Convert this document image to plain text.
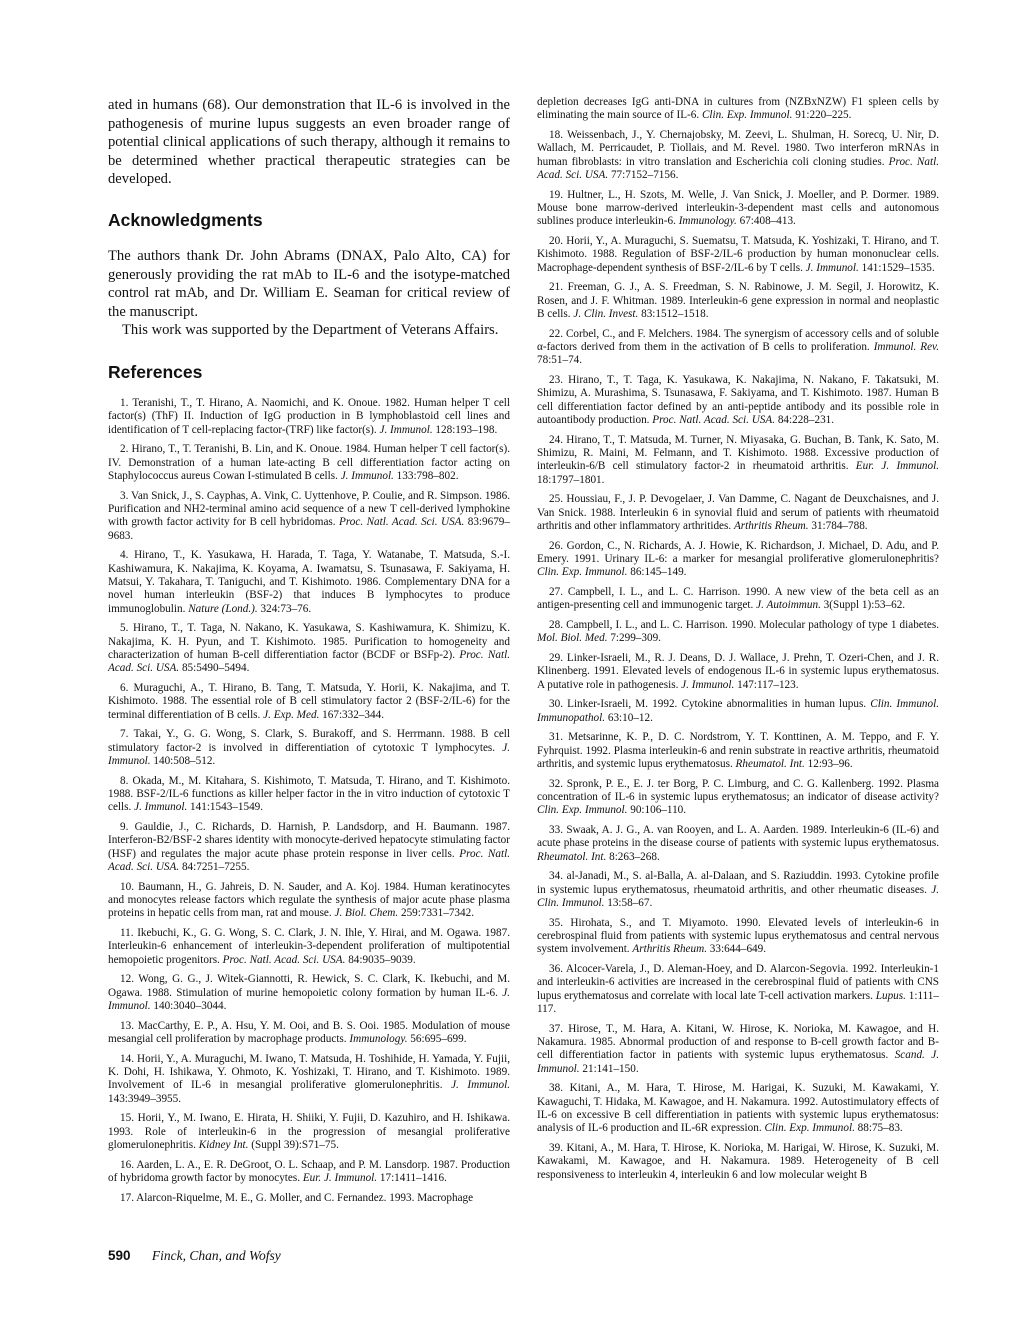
ated in humans (68). Our demonstration that IL-6 is involved in the pathogenesis of murine lupus suggests an even broader range of potential clinical applications of such therapy, although it remains to be determined whether practical therapeutic strategies can be developed.

Acknowledgments

The authors thank Dr. John Abrams (DNAX, Palo Alto, CA) for generously providing the rat mAb to IL-6 and the isotype-matched control rat mAb, and Dr. William E. Seaman for critical review of the manuscript.

This work was supported by the Department of Veterans Affairs.

References

1. Teranishi, T., T. Hirano, A. Naomichi, and K. Onoue. 1982. Human helper T cell factor(s) (ThF) II. Induction of IgG production in B lymphoblastoid cell lines and identification of T cell-replacing factor-(TRF) like factor(s). J. Immunol. 128:193–198.

2. Hirano, T., T. Teranishi, B. Lin, and K. Onoue. 1984. Human helper T cell factor(s). IV. Demonstration of a human late-acting B cell differentiation factor acting on Staphylococcus aureus Cowan I-stimulated B cells. J. Immunol. 133:798–802.

3. Van Snick, J., S. Cayphas, A. Vink, C. Uyttenhove, P. Coulie, and R. Simpson. 1986. Purification and NH2-terminal amino acid sequence of a new T cell-derived lymphokine with growth factor activity for B cell hybridomas. Proc. Natl. Acad. Sci. USA. 83:9679–9683.

4. Hirano, T., K. Yasukawa, H. Harada, T. Taga, Y. Watanabe, T. Matsuda, S.-I. Kashiwamura, K. Nakajima, K. Koyama, A. Iwamatsu, S. Tsunasawa, F. Sakiyama, H. Matsui, Y. Takahara, T. Taniguchi, and T. Kishimoto. 1986. Complementary DNA for a novel human interleukin (BSF-2) that induces B lymphocytes to produce immunoglobulin. Nature (Lond.). 324:73–76.

5. Hirano, T., T. Taga, N. Nakano, K. Yasukawa, S. Kashiwamura, K. Shimizu, K. Nakajima, K. H. Pyun, and T. Kishimoto. 1985. Purification to homogeneity and characterization of human B-cell differentiation factor (BCDF or BSFp-2). Proc. Natl. Acad. Sci. USA. 85:5490–5494.

6. Muraguchi, A., T. Hirano, B. Tang, T. Matsuda, Y. Horii, K. Nakajima, and T. Kishimoto. 1988. The essential role of B cell stimulatory factor 2 (BSF-2/IL-6) for the terminal differentiation of B cells. J. Exp. Med. 167:332–344.

7. Takai, Y., G. G. Wong, S. Clark, S. Burakoff, and S. Herrmann. 1988. B cell stimulatory factor-2 is involved in differentiation of cytotoxic T lymphocytes. J. Immunol. 140:508–512.

8. Okada, M., M. Kitahara, S. Kishimoto, T. Matsuda, T. Hirano, and T. Kishimoto. 1988. BSF-2/IL-6 functions as killer helper factor in the in vitro induction of cytotoxic T cells. J. Immunol. 141:1543–1549.

9. Gauldie, J., C. Richards, D. Harnish, P. Landsdorp, and H. Baumann. 1987. Interferon-B2/BSF-2 shares identity with monocyte-derived hepatocyte stimulating factor (HSF) and regulates the major acute phase protein response in liver cells. Proc. Natl. Acad. Sci. USA. 84:7251–7255.

10. Baumann, H., G. Jahreis, D. N. Sauder, and A. Koj. 1984. Human keratinocytes and monocytes release factors which regulate the synthesis of major acute phase plasma proteins in hepatic cells from man, rat and mouse. J. Biol. Chem. 259:7331–7342.

11. Ikebuchi, K., G. G. Wong, S. C. Clark, J. N. Ihle, Y. Hirai, and M. Ogawa. 1987. Interleukin-6 enhancement of interleukin-3-dependent proliferation of multipotential hemopoietic progenitors. Proc. Natl. Acad. Sci. USA. 84:9035–9039.

12. Wong, G. G., J. Witek-Giannotti, R. Hewick, S. C. Clark, K. Ikebuchi, and M. Ogawa. 1988. Stimulation of murine hemopoietic colony formation by human IL-6. J. Immunol. 140:3040–3044.

13. MacCarthy, E. P., A. Hsu, Y. M. Ooi, and B. S. Ooi. 1985. Modulation of mouse mesangial cell proliferation by macrophage products. Immunology. 56:695–699.

14. Horii, Y., A. Muraguchi, M. Iwano, T. Matsuda, H. Toshihide, H. Yamada, Y. Fujii, K. Dohi, H. Ishikawa, Y. Ohmoto, K. Yoshizaki, T. Hirano, and T. Kishimoto. 1989. Involvement of IL-6 in mesangial proliferative glomerulonephritis. J. Immunol. 143:3949–3955.

15. Horii, Y., M. Iwano, E. Hirata, H. Shiiki, Y. Fujii, D. Kazuhiro, and H. Ishikawa. 1993. Role of interleukin-6 in the progression of mesangial proliferative glomerulonephritis. Kidney Int. (Suppl 39):S71–75.

16. Aarden, L. A., E. R. DeGroot, O. L. Schaap, and P. M. Lansdorp. 1987. Production of hybridoma growth factor by monocytes. Eur. J. Immunol. 17:1411–1416.

17. Alarcon-Riquelme, M. E., G. Moller, and C. Fernandez. 1993. Macrophage

depletion decreases IgG anti-DNA in cultures from (NZBxNZW) F1 spleen cells by eliminating the main source of IL-6. Clin. Exp. Immunol. 91:220–225.

18. Weissenbach, J., Y. Chernajobsky, M. Zeevi, L. Shulman, H. Sorecq, U. Nir, D. Wallach, M. Perricaudet, P. Tiollais, and M. Revel. 1980. Two interferon mRNAs in human fibroblasts: in vitro translation and Escherichia coli cloning studies. Proc. Natl. Acad. Sci. USA. 77:7152–7156.

19. Hultner, L., H. Szots, M. Welle, J. Van Snick, J. Moeller, and P. Dormer. 1989. Mouse bone marrow-derived interleukin-3-dependent mast cells and autonomous sublines produce interleukin-6. Immunology. 67:408–413.

20. Horii, Y., A. Muraguchi, S. Suematsu, T. Matsuda, K. Yoshizaki, T. Hirano, and T. Kishimoto. 1988. Regulation of BSF-2/IL-6 production by human mononuclear cells. Macrophage-dependent synthesis of BSF-2/IL-6 by T cells. J. Immunol. 141:1529–1535.

21. Freeman, G. J., A. S. Freedman, S. N. Rabinowe, J. M. Segil, J. Horowitz, K. Rosen, and J. F. Whitman. 1989. Interleukin-6 gene expression in normal and neoplastic B cells. J. Clin. Invest. 83:1512–1518.

22. Corbel, C., and F. Melchers. 1984. The synergism of accessory cells and of soluble α-factors derived from them in the activation of B cells to proliferation. Immunol. Rev. 78:51–74.

23. Hirano, T., T. Taga, K. Yasukawa, K. Nakajima, N. Nakano, F. Takatsuki, M. Shimizu, A. Murashima, S. Tsunasawa, F. Sakiyama, and T. Kishimoto. 1987. Human B cell differentiation factor defined by an anti-peptide antibody and its possible role in autoantibody production. Proc. Natl. Acad. Sci. USA. 84:228–231.

24. Hirano, T., T. Matsuda, M. Turner, N. Miyasaka, G. Buchan, B. Tank, K. Sato, M. Shimizu, R. Maini, M. Felmann, and T. Kishimoto. 1988. Excessive production of interleukin-6/B cell stimulatory factor-2 in rheumatoid arthritis. Eur. J. Immunol. 18:1797–1801.

25. Houssiau, F., J. P. Devogelaer, J. Van Damme, C. Nagant de Deuxchaisnes, and J. Van Snick. 1988. Interleukin 6 in synovial fluid and serum of patients with rheumatoid arthritis and other inflammatory arthritides. Arthritis Rheum. 31:784–788.

26. Gordon, C., N. Richards, A. J. Howie, K. Richardson, J. Michael, D. Adu, and P. Emery. 1991. Urinary IL-6: a marker for mesangial proliferative glomerulonephritis? Clin. Exp. Immunol. 86:145–149.

27. Campbell, I. L., and L. C. Harrison. 1990. A new view of the beta cell as an antigen-presenting cell and immunogenic target. J. Autoimmun. 3(Suppl 1):53–62.

28. Campbell, I. L., and L. C. Harrison. 1990. Molecular pathology of type 1 diabetes. Mol. Biol. Med. 7:299–309.

29. Linker-Israeli, M., R. J. Deans, D. J. Wallace, J. Prehn, T. Ozeri-Chen, and J. R. Klinenberg. 1991. Elevated levels of endogenous IL-6 in systemic lupus erythematosus. A putative role in pathogenesis. J. Immunol. 147:117–123.

30. Linker-Israeli, M. 1992. Cytokine abnormalities in human lupus. Clin. Immunol. Immunopathol. 63:10–12.

31. Metsarinne, K. P., D. C. Nordstrom, Y. T. Konttinen, A. M. Teppo, and F. Y. Fyhrquist. 1992. Plasma interleukin-6 and renin substrate in reactive arthritis, rheumatoid arthritis, and systemic lupus erythematosus. Rheumatol. Int. 12:93–96.

32. Spronk, P. E., E. J. ter Borg, P. C. Limburg, and C. G. Kallenberg. 1992. Plasma concentration of IL-6 in systemic lupus erythematosus; an indicator of disease activity? Clin. Exp. Immunol. 90:106–110.

33. Swaak, A. J. G., A. van Rooyen, and L. A. Aarden. 1989. Interleukin-6 (IL-6) and acute phase proteins in the disease course of patients with systemic lupus erythematosus. Rheumatol. Int. 8:263–268.

34. al-Janadi, M., S. al-Balla, A. al-Dalaan, and S. Raziuddin. 1993. Cytokine profile in systemic lupus erythematosus, rheumatoid arthritis, and other rheumatic diseases. J. Clin. Immunol. 13:58–67.

35. Hirohata, S., and T. Miyamoto. 1990. Elevated levels of interleukin-6 in cerebrospinal fluid from patients with systemic lupus erythematosus and central nervous system involvement. Arthritis Rheum. 33:644–649.

36. Alcocer-Varela, J., D. Aleman-Hoey, and D. Alarcon-Segovia. 1992. Interleukin-1 and interleukin-6 activities are increased in the cerebrospinal fluid of patients with CNS lupus erythematosus and correlate with local late T-cell activation markers. Lupus. 1:111–117.

37. Hirose, T., M. Hara, A. Kitani, W. Hirose, K. Norioka, M. Kawagoe, and H. Nakamura. 1985. Abnormal production of and response to B-cell growth factor and B-cell differentiation factor in patients with systemic lupus erythematosus. Scand. J. Immunol. 21:141–150.

38. Kitani, A., M. Hara, T. Hirose, M. Harigai, K. Suzuki, M. Kawakami, Y. Kawaguchi, T. Hidaka, M. Kawagoe, and H. Nakamura. 1992. Autostimulatory effects of IL-6 on excessive B cell differentiation in patients with systemic lupus erythematosus: analysis of IL-6 production and IL-6R expression. Clin. Exp. Immunol. 88:75–83.

39. Kitani, A., M. Hara, T. Hirose, K. Norioka, M. Harigai, W. Hirose, K. Suzuki, M. Kawakami, M. Kawagoe, and H. Nakamura. 1989. Heterogeneity of B cell responsiveness to interleukin 4, interleukin 6 and low molecular weight B

590 Finck, Chan, and Wofsy
